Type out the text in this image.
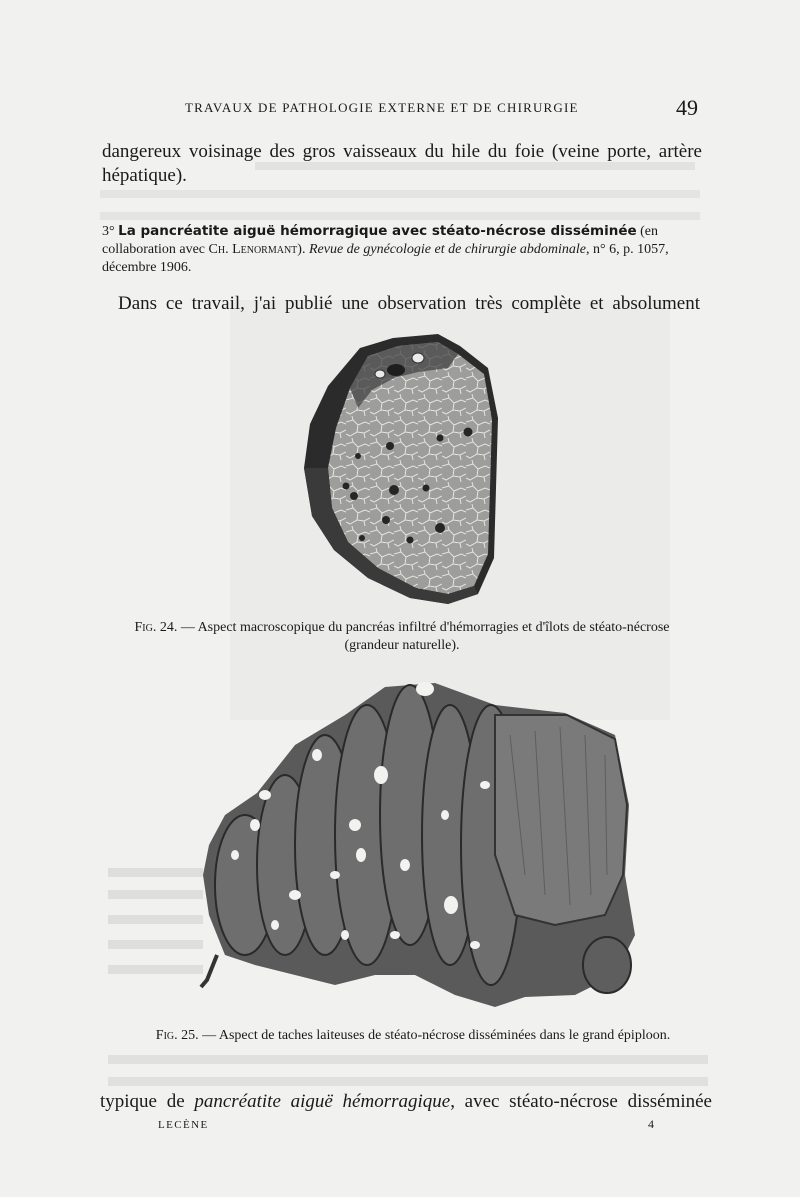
TRAVAUX DE PATHOLOGIE EXTERNE ET DE CHIRURGIE	49
dangereux voisinage des gros vaisseaux du hile du foie (veine porte, artère hépatique).
3° La pancréatite aiguë hémorragique avec stéato-nécrose disséminée (en collaboration avec Ch. Lenormant). Revue de gynécologie et de chirurgie abdominale, n° 6, p. 1057, décembre 1906.
Dans ce travail, j'ai publié une observation très complète et absolument
Fig. 24. — Aspect macroscopique du pancréas infiltré d'hémorragies et d'îlots de stéato-nécrose (grandeur naturelle).
Fig. 25. — Aspect de taches laiteuses de stéato-nécrose disséminées dans le grand épiploon.
typique de pancréatite aiguë hémorragique, avec stéato-nécrose disséminée
LECÈNE	4
